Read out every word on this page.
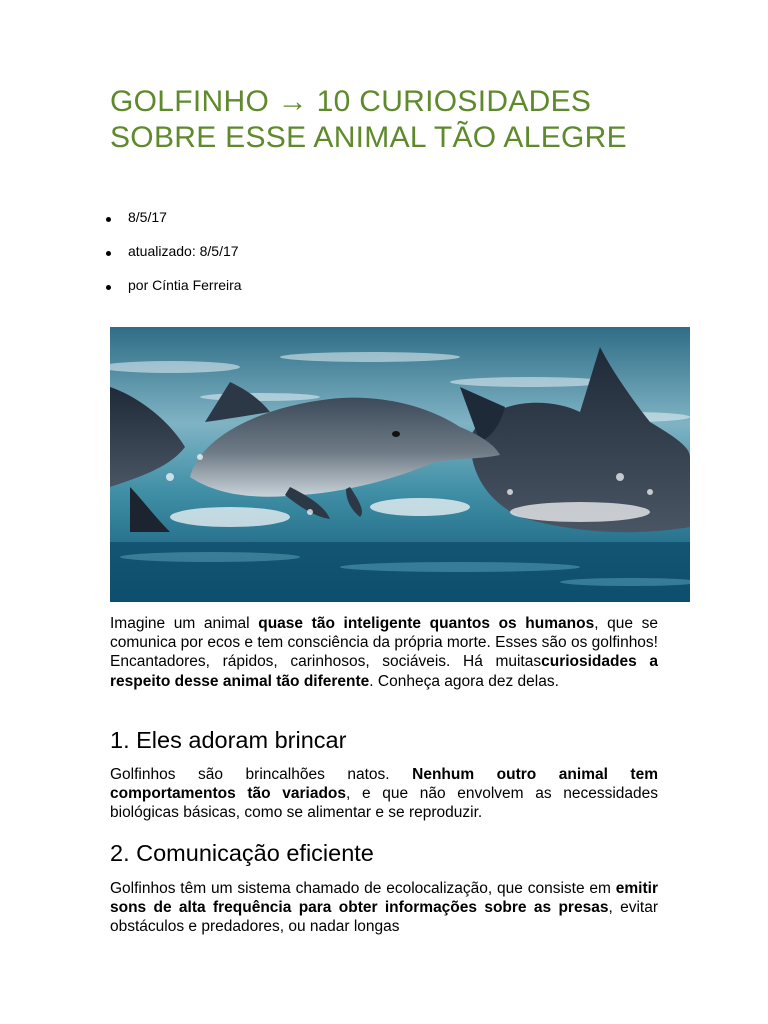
GOLFINHO → 10 CURIOSIDADES SOBRE ESSE ANIMAL TÃO ALEGRE
8/5/17
atualizado: 8/5/17
por Cíntia Ferreira

Imagine um animal quase tão inteligente quantos os humanos, que se comunica por ecos e tem consciência da própria morte. Esses são os golfinhos! Encantadores, rápidos, carinhosos, sociáveis. Há muitascuriosidades a respeito desse animal tão diferente. Conheça agora dez delas.

1. Eles adoram brincar

Golfinhos são brincalhões natos. Nenhum outro animal tem comportamentos tão variados, e que não envolvem as necessidades biológicas básicas, como se alimentar e se reproduzir.

2. Comunicação eficiente

Golfinhos têm um sistema chamado de ecolocalização, que consiste em emitir sons de alta frequência para obter informações sobre as presas, evitar obstáculos e predadores, ou nadar longas
